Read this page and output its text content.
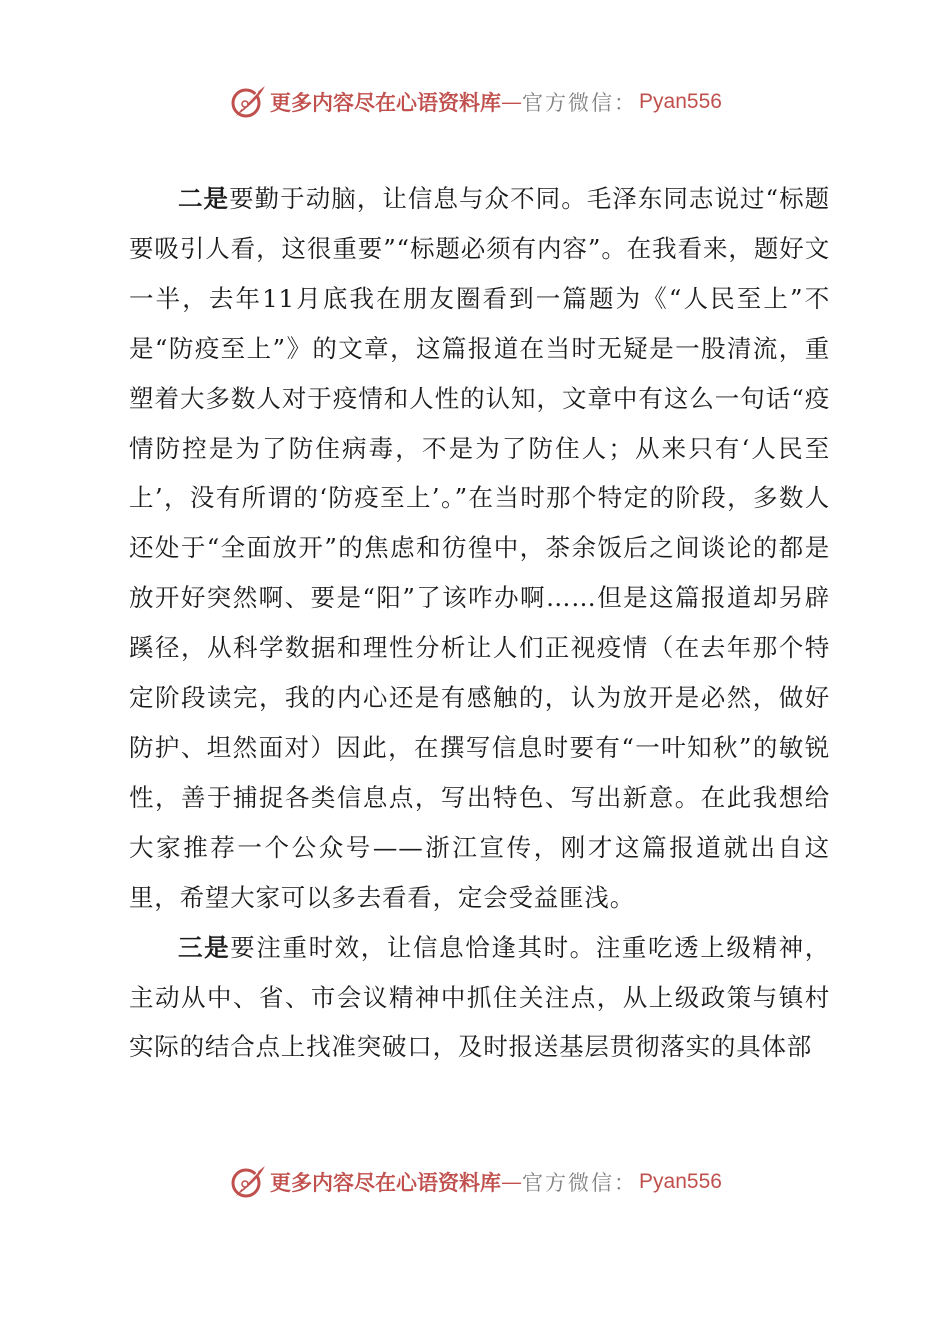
更多内容尽在心语资料库 — 官方微信： Pyan556

二是要勤于动脑，让信息与众不同。毛泽东同志说过“标题要吸引人看，这很重要”“标题必须有内容”。在我看来，题好文一半，去年11月底我在朋友圈看到一篇题为《“人民至上”不是“防疫至上”》的文章，这篇报道在当时无疑是一股清流，重塑着大多数人对于疫情和人性的认知，文章中有这么一句话“疫情防控是为了防住病毒，不是为了防住人；从来只有‘人民至上’，没有所谓的‘防疫至上’。”在当时那个特定的阶段，多数人还处于“全面放开”的焦虑和彷徨中，茶余饭后之间谈论的都是放开好突然啊、要是“阳”了该咋办啊……但是这篇报道却另辟蹊径，从科学数据和理性分析让人们正视疫情（在去年那个特定阶段读完，我的内心还是有感触的，认为放开是必然，做好防护、坦然面对）因此，在撰写信息时要有“一叶知秋”的敏锐性，善于捕捉各类信息点，写出特色、写出新意。在此我想给大家推荐一个公众号——浙江宣传，刚才这篇报道就出自这里，希望大家可以多去看看，定会受益匪浅。

三是要注重时效，让信息恰逢其时。注重吃透上级精神，主动从中、省、市会议精神中抓住关注点，从上级政策与镇村实际的结合点上找准突破口，及时报送基层贯彻落实的具体部

更多内容尽在心语资料库 — 官方微信： Pyan556
